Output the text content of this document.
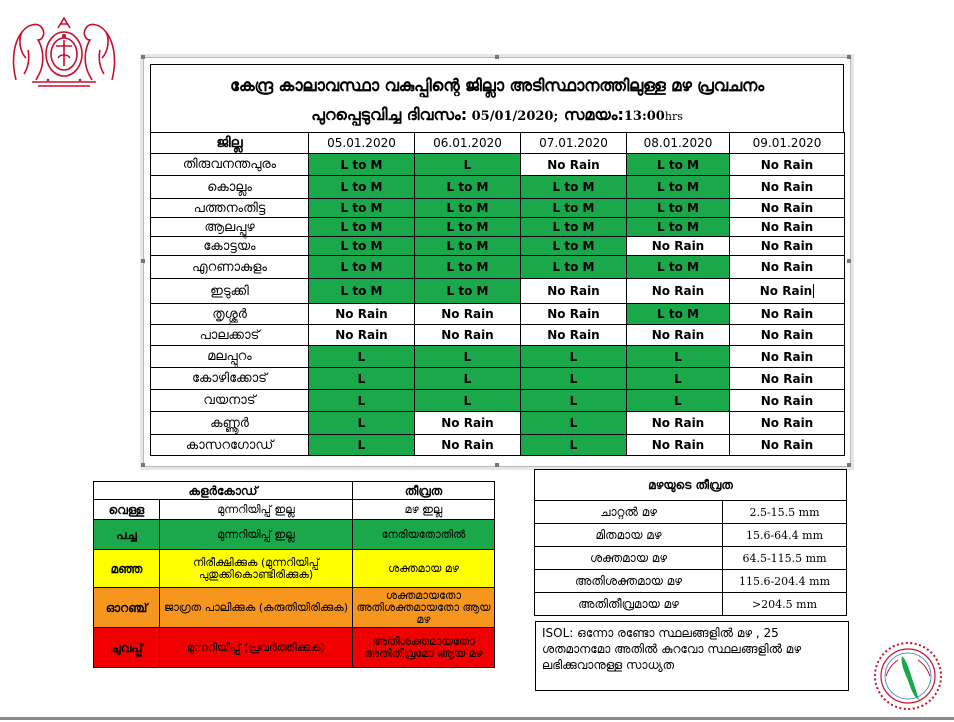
കേന്ദ്ര കാലാവസ്ഥാ വകുപ്പിന്റെ ജില്ലാ അടിസ്ഥാനത്തിലുള്ള മഴ പ്രവചനം
പുറപ്പെടുവിച്ച ദിവസം: 05/01/2020; സമയം:13:00hrs
ജില്ല	05.01.2020	06.01.2020	07.01.2020	08.01.2020	09.01.2020
തിരുവനന്തപുരം	L to M	L	No Rain	L to M	No Rain
കൊല്ലം	L to M	L to M	L to M	L to M	No Rain
പത്തനംതിട്ട	L to M	L to M	L to M	L to M	No Rain
ആലപ്പുഴ	L to M	L to M	L to M	L to M	No Rain
കോട്ടയം	L to M	L to M	L to M	No Rain	No Rain
എറണാകുളം	L to M	L to M	L to M	L to M	No Rain
ഇടുക്കി	L to M	L to M	No Rain	No Rain	No Rain
തൃശ്ശൂർ	No Rain	No Rain	No Rain	L to M	No Rain
പാലക്കാട്	No Rain	No Rain	No Rain	No Rain	No Rain
മലപ്പുറം	L	L	L	L	No Rain
കോഴിക്കോട്	L	L	L	L	No Rain
വയനാട്	L	L	L	L	No Rain
കണ്ണൂർ	L	No Rain	L	No Rain	No Rain
കാസറഗോഡ്	L	No Rain	L	No Rain	No Rain
കളർകോഡ്		തീവ്രത
വെള്ള	മുന്നറിയിപ്പ് ഇല്ല	മഴ ഇല്ല
പച്ച	മുന്നറിയിപ്പ് ഇല്ല	നേരിയതോതിൽ
മഞ്ഞ	നിരീക്ഷിക്കുക (മുന്നറിയിപ്പ് പുതുക്കികൊണ്ടിരിക്കുക)	ശക്തമായ മഴ
ഓറഞ്ച്	ജാഗ്രത പാലിക്കുക (കരുതിയിരിക്കുക)	ശക്തമായതോ അതിശക്തമായതോ ആയ മഴ
ചുവപ്പ്	മുന്നറിയിപ്പ് (പ്രവർത്തിക്കുക)	അതിശക്തമായതോ അതിതീവ്രമോ ആയ മഴ
മഴയുടെ തീവ്രത	
ചാറ്റൽ മഴ	2.5-15.5 mm
മിതമായ മഴ	15.6-64.4 mm
ശക്തമായ മഴ	64.5-115.5 mm
അതിശക്തമായ മഴ	115.6-204.4 mm
അതിതീവ്രമായ മഴ	>204.5 mm
ISOL: ഒന്നോ രണ്ടോ സ്ഥലങ്ങളിൽ മഴ , 25 ശതമാനമോ അതിൽ കുറവോ സ്ഥലങ്ങളിൽ മഴ ലഭിക്കുവാനുള്ള സാധ്യത
